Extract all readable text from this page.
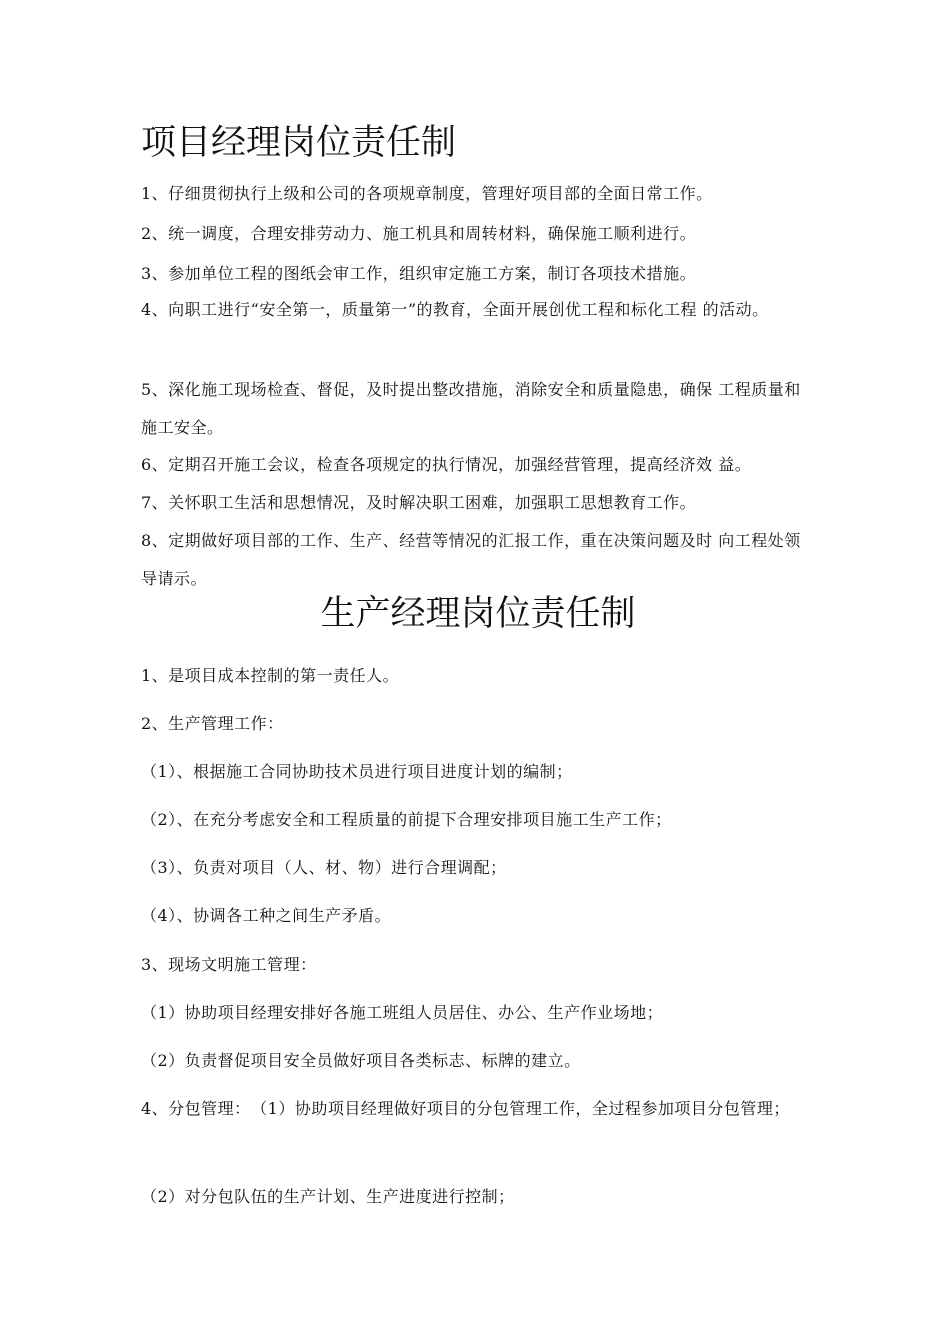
项目经理岗位责任制

1、仔细贯彻执行上级和公司的各项规章制度，管理好项目部的全面日常工作。

2、统一调度，合理安排劳动力、施工机具和周转材料，确保施工顺利进行。

3、参加单位工程的图纸会审工作，组织审定施工方案，制订各项技术措施。

4、向职工进行“安全第一，质量第一”的教育，全面开展创优工程和标化工程 的活动。

5、深化施工现场检查、督促，及时提出整改措施，消除安全和质量隐患，确保 工程质量和施工安全。

6、定期召开施工会议，检查各项规定的执行情况，加强经营管理，提高经济效 益。

7、关怀职工生活和思想情况，及时解决职工困难，加强职工思想教育工作。

8、定期做好项目部的工作、生产、经营等情况的汇报工作，重在决策问题及时 向工程处领导请示。

生产经理岗位责任制

1、是项目成本控制的第一责任人。

2、生产管理工作：

（1）、根据施工合同协助技术员进行项目进度计划的编制；

（2）、在充分考虑安全和工程质量的前提下合理安排项目施工生产工作；

（3）、负责对项目（人、材、物）进行合理调配；

（4）、协调各工种之间生产矛盾。

3、现场文明施工管理：

（1）协助项目经理安排好各施工班组人员居住、办公、生产作业场地；

（2）负责督促项目安全员做好项目各类标志、标牌的建立。

4、分包管理：　（1）协助项目经理做好项目的分包管理工作，全过程参加项目分包管理；

（2）对分包队伍的生产计划、生产进度进行控制；
